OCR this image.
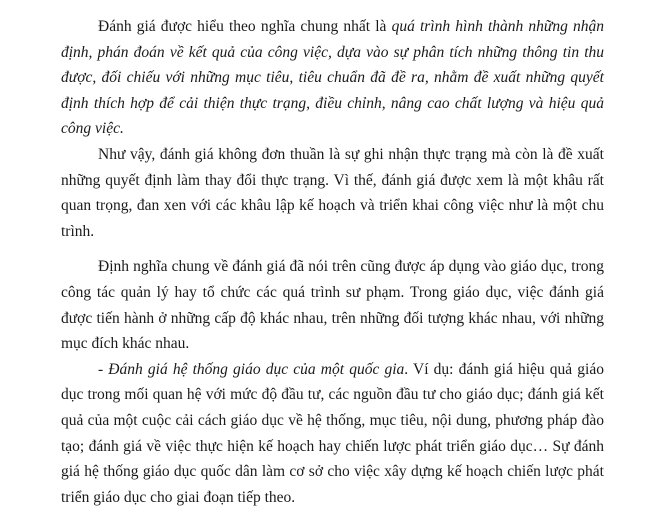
Đánh giá được hiểu theo nghĩa chung nhất là quá trình hình thành những nhận định, phán đoán về kết quả của công việc, dựa vào sự phân tích những thông tin thu được, đối chiếu với những mục tiêu, tiêu chuẩn đã đề ra, nhằm đề xuất những quyết định thích hợp để cải thiện thực trạng, điều chỉnh, nâng cao chất lượng và hiệu quả công việc.

Như vậy, đánh giá không đơn thuần là sự ghi nhận thực trạng mà còn là đề xuất những quyết định làm thay đổi thực trạng. Vì thế, đánh giá được xem là một khâu rất quan trọng, đan xen với các khâu lập kế hoạch và triển khai công việc như là một chu trình.

Định nghĩa chung về đánh giá đã nói trên cũng được áp dụng vào giáo dục, trong công tác quản lý hay tổ chức các quá trình sư phạm. Trong giáo dục, việc đánh giá được tiến hành ở những cấp độ khác nhau, trên những đối tượng khác nhau, với những mục đích khác nhau.

- Đánh giá hệ thống giáo dục của một quốc gia. Ví dụ: đánh giá hiệu quả giáo dục trong mối quan hệ với mức độ đầu tư, các nguồn đầu tư cho giáo dục; đánh giá kết quả của một cuộc cải cách giáo dục về hệ thống, mục tiêu, nội dung, phương pháp đào tạo; đánh giá về việc thực hiện kế hoạch hay chiến lược phát triển giáo dục… Sự đánh giá hệ thống giáo dục quốc dân làm cơ sở cho việc xây dựng kế hoạch chiến lược phát triển giáo dục cho giai đoạn tiếp theo.
